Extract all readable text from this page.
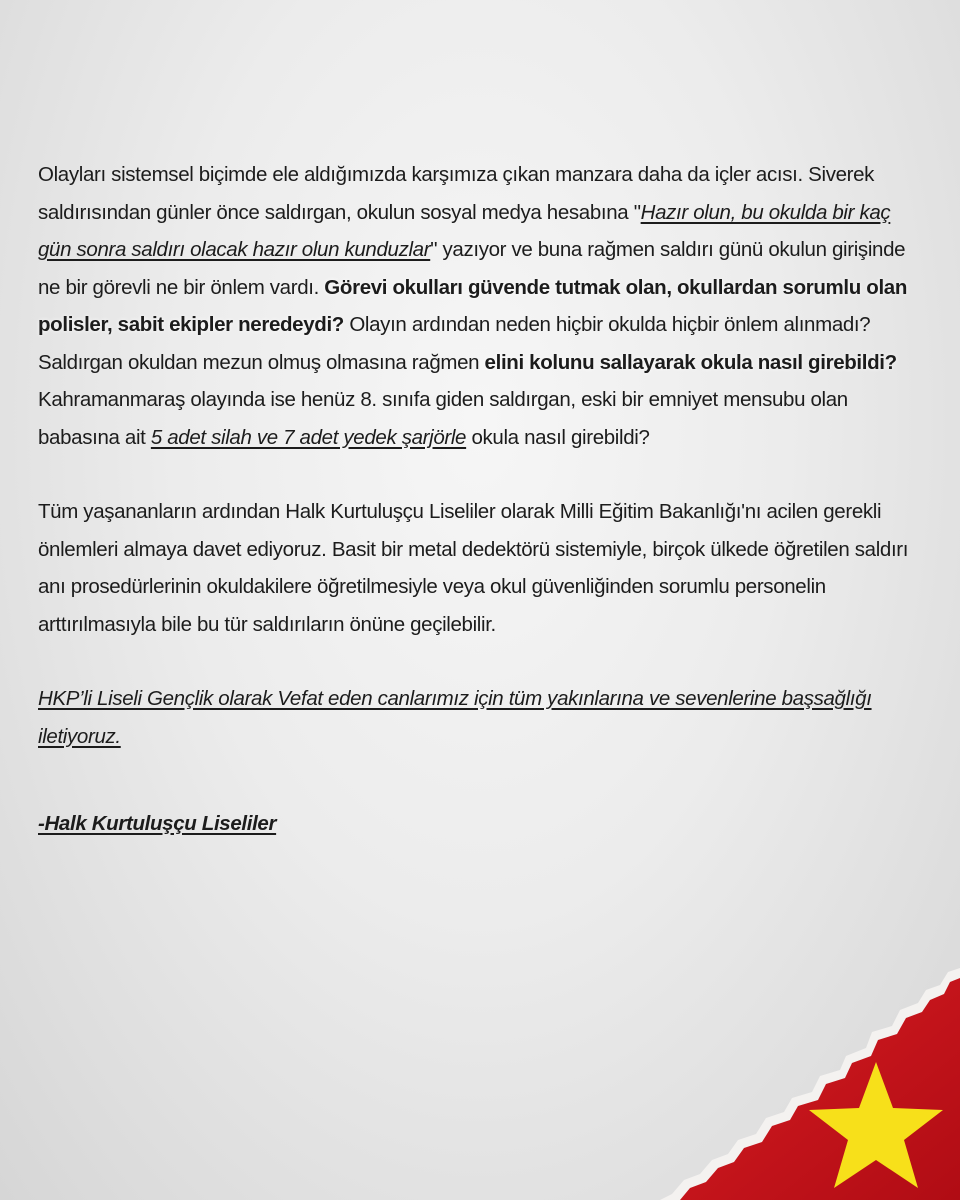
Olayları sistemsel biçimde ele aldığımızda karşımıza çıkan manzara daha da içler acısı. Siverek saldırısından günler önce saldırgan, okulun sosyal medya hesabına "Hazır olun, bu okulda bir kaç gün sonra saldırı olacak hazır olun kunduzlar" yazıyor ve buna rağmen saldırı günü okulun girişinde ne bir görevli ne bir önlem vardı. Görevi okulları güvende tutmak olan, okullardan sorumlu olan polisler, sabit ekipler neredeydi? Olayın ardından neden hiçbir okulda hiçbir önlem alınmadı? Saldırgan okuldan mezun olmuş olmasına rağmen elini kolunu sallayarak okula nasıl girebildi? Kahramanmaraş olayında ise henüz 8. sınıfa giden saldırgan, eski bir emniyet mensubu olan babasına ait 5 adet silah ve 7 adet yedek şarjörle okula nasıl girebildi?

Tüm yaşananların ardından Halk Kurtuluşçu Liseliler olarak Milli Eğitim Bakanlığı'nı acilen gerekli önlemleri almaya davet ediyoruz. Basit bir metal dedektörü sistemiyle, birçok ülkede öğretilen saldırı anı prosedürlerinin okuldakilere öğretilmesiyle veya okul güvenliğinden sorumlu personelin arttırılmasıyla bile bu tür saldırıların önüne geçilebilir.

HKP’li Liseli Gençlik olarak Vefat eden canlarımız için tüm yakınlarına ve sevenlerine başsağlığı iletiyoruz.

-Halk Kurtuluşçu Liseliler
